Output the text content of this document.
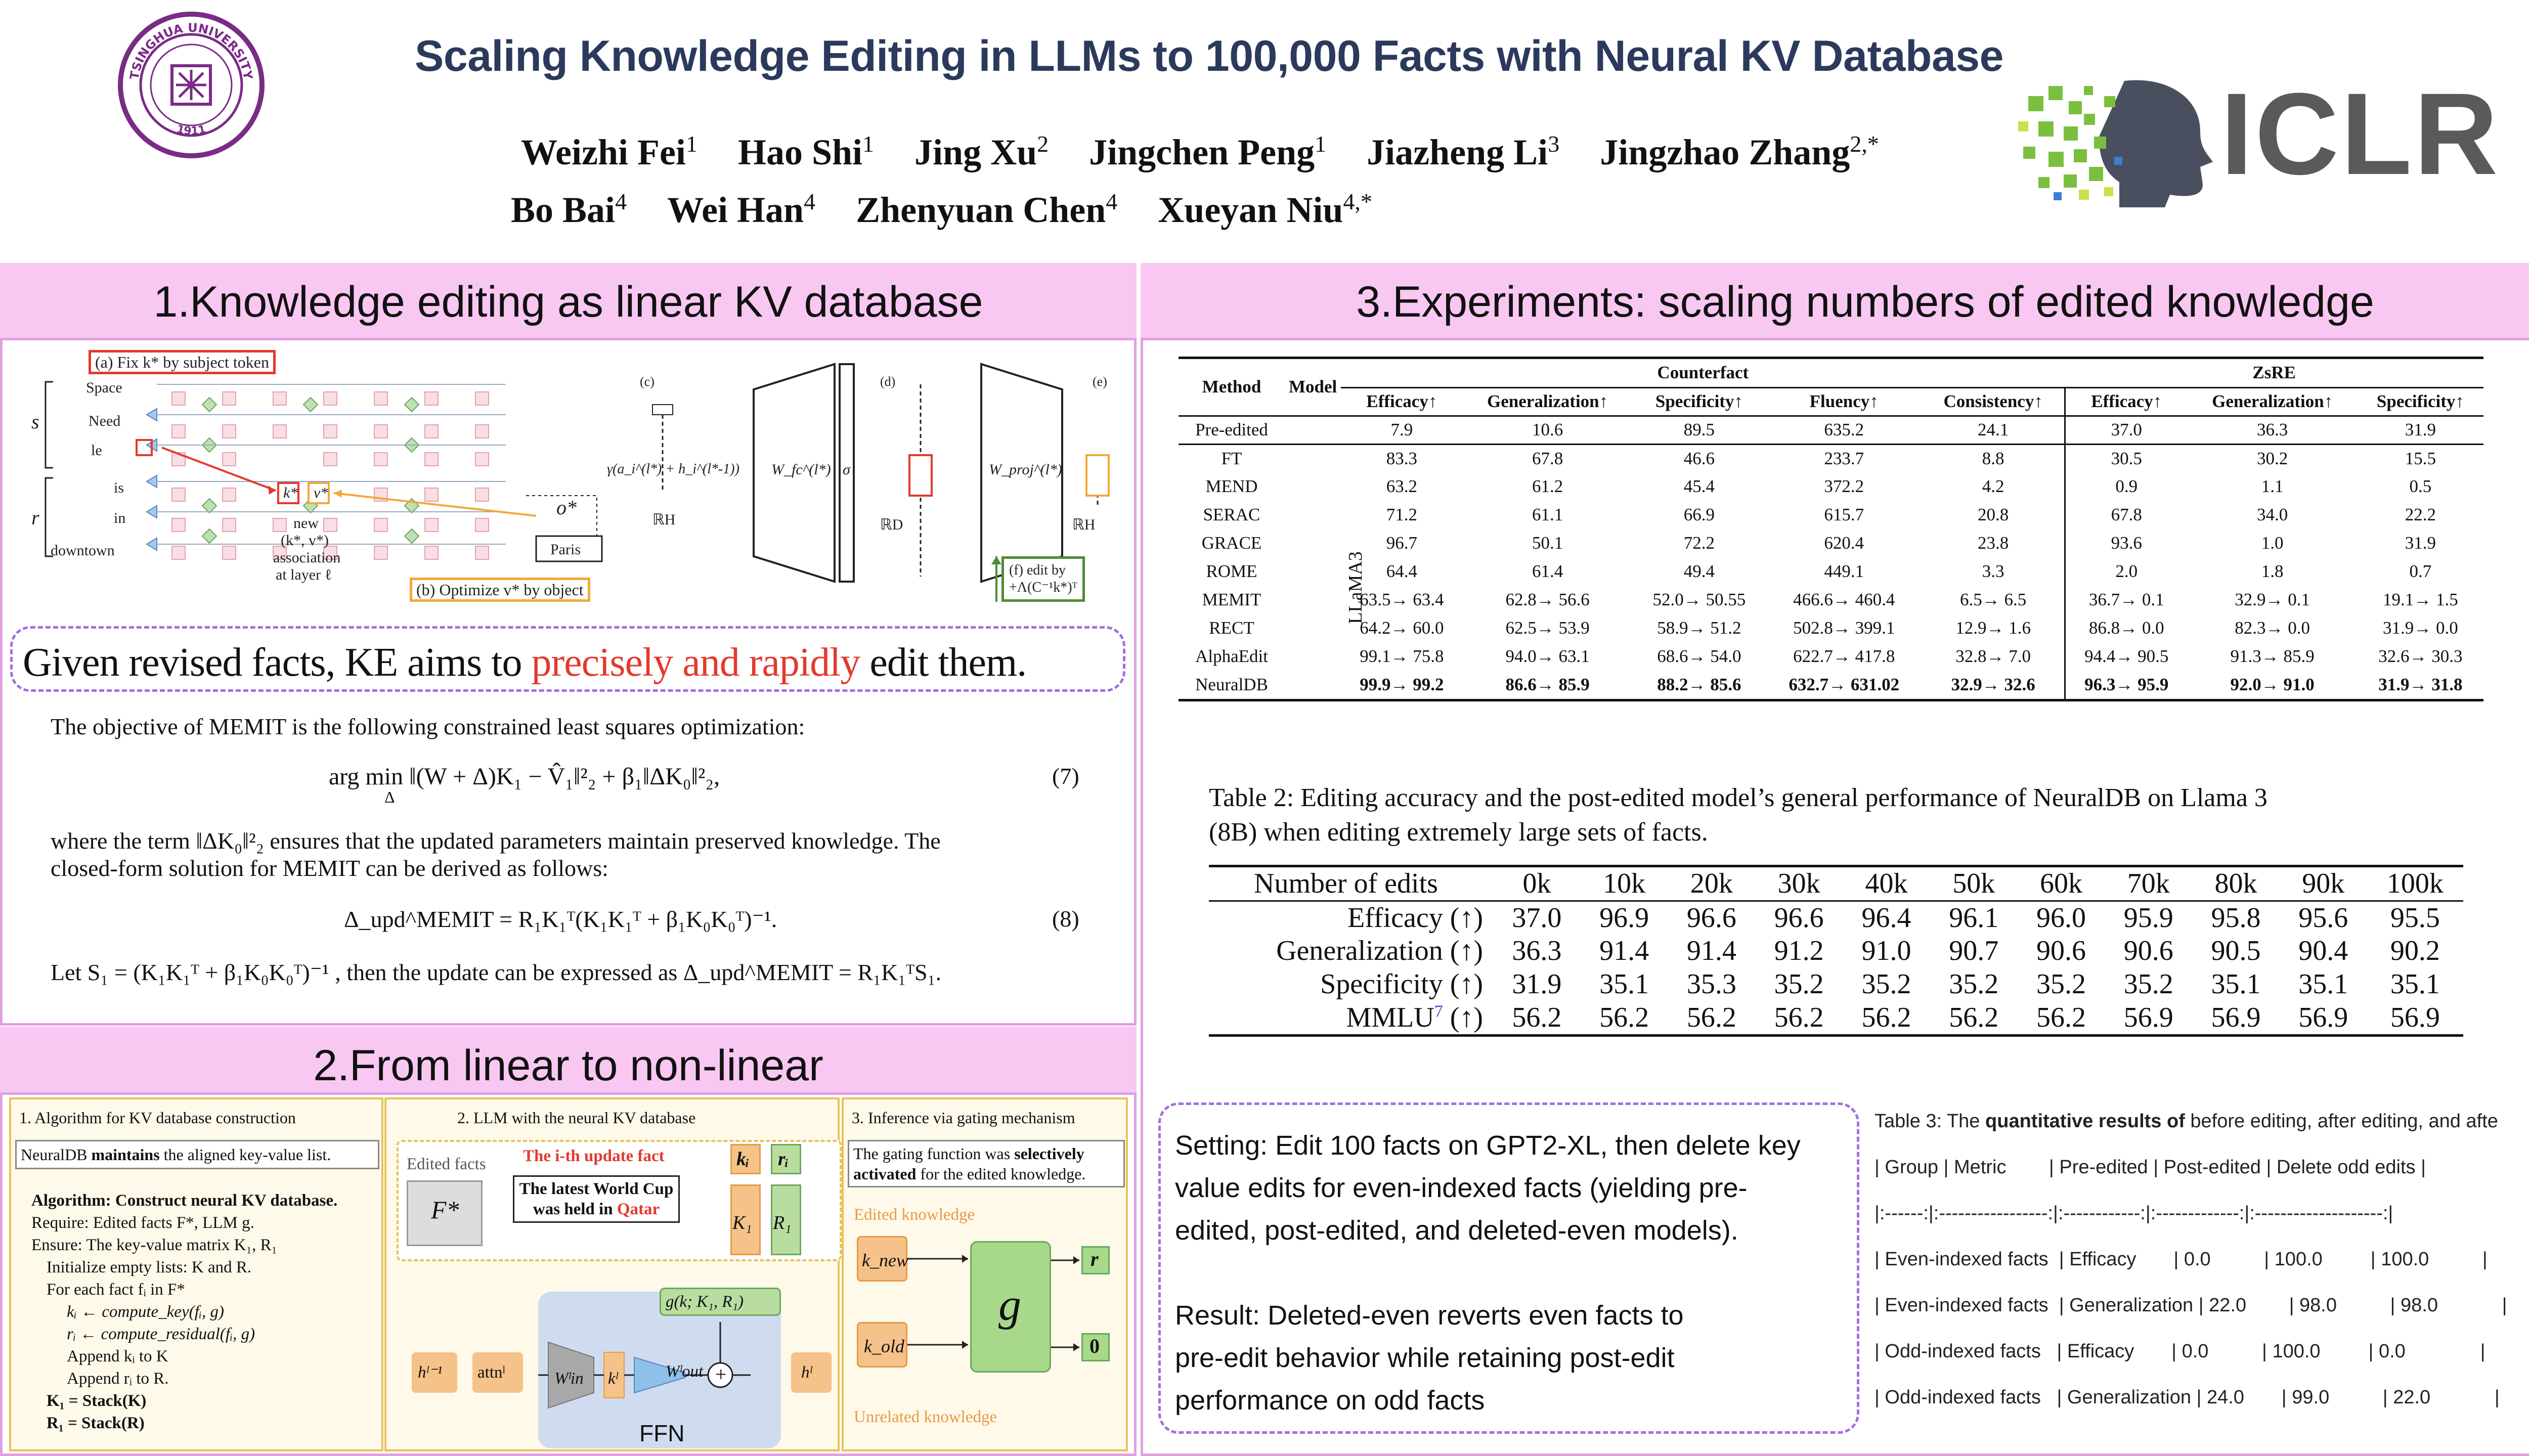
TSINGHUA UNIVERSITY
1911
Scaling Knowledge Editing in LLMs to 100,000 Facts with Neural KV Database
Weizhi Fei$^1$ Hao Shi$^1$ Jing Xu$^2$ Jingchen Peng$^1$ Jiazheng Li$^3$ Jingzhao Zhang$^{2,*}$
Bo Bai$^4$ Wei Han$^4$ Zhenyuan Chen$^4$ Xueyan Niu$^{4,*}$
ICLR
1.Knowledge editing as linear KV database
(a) Fix k* by subject token
Space
Need
le
is
in
downtown
s
r
k* v*
new
(k*, v*)
association
at layer ℓ
o*
Paris
(b) Optimize v* by object
(c)	(d)	(e)
γ(a_i^(l*) + h_i^(l*-1)) W_fc^(l*) σ	W_proj^(l*)
ℝH	ℝD	ℝH
(f) edit by
+Λ(C⁻¹k*)ᵀ
Given revised facts, KE aims to precisely and rapidly edit them.
The objective of MEMIT is the following constrained least squares optimization:
arg min ‖(W + Δ)K₁ − V̂₁‖²₂ + β₁‖ΔK₀‖²₂,
Δ
(7)
where the term ‖ΔK₀‖²₂ ensures that the updated parameters maintain preserved knowledge. The
closed-form solution for MEMIT can be derived as follows:
Δ_upd^MEMIT = R₁K₁ᵀ(K₁K₁ᵀ + β₁K₀K₀ᵀ)⁻¹.	(8)
Let S₁ = (K₁K₁ᵀ + β₁K₀K₀ᵀ)⁻¹ , then the update can be expressed as Δ_upd^MEMIT = R₁K₁ᵀS₁.
2.From linear to non-linear
1. Algorithm for KV database construction
NeuralDB maintains the aligned key-value list.
Algorithm: Construct neural KV database.
Require: Edited facts F*, LLM g.
Ensure: The key-value matrix K₁, R₁
Initialize empty lists: K and R.
For each fact fᵢ in F*
kᵢ ← compute_key(fᵢ, g)
rᵢ ← compute_residual(fᵢ, g)
Append kᵢ to K
Append rᵢ to R.
K₁ = Stack(K)
R₁ = Stack(R)
2. LLM with the neural KV database
Edited facts
F*
The i-th update fact
The latest World Cup
was held in Qatar
kᵢ rᵢ
K₁ R₁
g(k; K₁, R₁)
hˡ⁻¹ attnˡ	Wˡin kˡ	Wˡout +	hˡ
FFN
3. Inference via gating mechanism
The gating function was selectively activated for the edited knowledge.
Edited knowledge
k_new
k_old
g
r
0
Unrelated knowledge
3.Experiments: scaling numbers of edited knowledge
Method	Model	Counterfact					ZsRE		
		Efficacy↑	Generalization↑	Specificity↑	Fluency↑	Consistency↑	Efficacy↑	Generalization↑	Specificity↑
Pre-edited		7.9	10.6	89.5	635.2	24.1	37.0	36.3	31.9
FT		83.3	67.8	46.6	233.7	8.8	30.5	30.2	15.5
MEND		63.2	61.2	45.4	372.2	4.2	0.9	1.1	0.5
SERAC		71.2	61.1	66.9	615.7	20.8	67.8	34.0	22.2
GRACE		96.7	50.1	72.2	620.4	23.8	93.6	1.0	31.9
ROME		64.4	61.4	49.4	449.1	3.3	2.0	1.8	0.7
MEMIT		63.5→ 63.4	62.8→ 56.6	52.0→ 50.55	466.6→ 460.4	6.5→ 6.5	36.7→ 0.1	32.9→ 0.1	19.1→ 1.5
RECT		64.2→ 60.0	62.5→ 53.9	58.9→ 51.2	502.8→ 399.1	12.9→ 1.6	86.8→ 0.0	82.3→ 0.0	31.9→ 0.0
AlphaEdit		99.1→ 75.8	94.0→ 63.1	68.6→ 54.0	622.7→ 417.8	32.8→ 7.0	94.4→ 90.5	91.3→ 85.9	32.6→ 30.3
NeuralDB		99.9→ 99.2	86.6→ 85.9	88.2→ 85.6	632.7→ 631.02	32.9→ 32.6	96.3→ 95.9	92.0→ 91.0	31.9→ 31.8
LLaMA3
Table 2: Editing accuracy and the post-edited model’s general performance of NeuralDB on Llama 3
(8B) when editing extremely large sets of facts.
Number of edits	0k	10k	20k	30k	40k	50k	60k	70k	80k	90k	100k
Efficacy (↑)	37.0	96.9	96.6	96.6	96.4	96.1	96.0	95.9	95.8	95.6	95.5
Generalization (↑)	36.3	91.4	91.4	91.2	91.0	90.7	90.6	90.6	90.5	90.4	90.2
Specificity (↑)	31.9	35.1	35.3	35.2	35.2	35.2	35.2	35.2	35.1	35.1	35.1
MMLU$^7$ (↑)	56.2	56.2	56.2	56.2	56.2	56.2	56.2	56.9	56.9	56.9	56.9
Setting: Edit 100 facts on GPT2-XL, then delete key
value edits for even-indexed facts (yielding pre-
edited, post-edited, and deleted-even models).

Result: Deleted-even reverts even facts to
pre-edit behavior while retaining post-edit
performance on odd facts
Table 3: The quantitative results of before editing, after editing, and afte
| Group | Metric        | Pre-edited | Post-edited | Delete odd edits |
|:------:|:-----------------:|:------------:|:-------------:|:--------------------:|
| Even-indexed facts  | Efficacy       | 0.0          | 100.0         | 100.0          |
| Even-indexed facts  | Generalization | 22.0        | 98.0          | 98.0            |
| Odd-indexed facts   | Efficacy       | 0.0          | 100.0         | 0.0              |
| Odd-indexed facts   | Generalization | 24.0       | 99.0          | 22.0            |
